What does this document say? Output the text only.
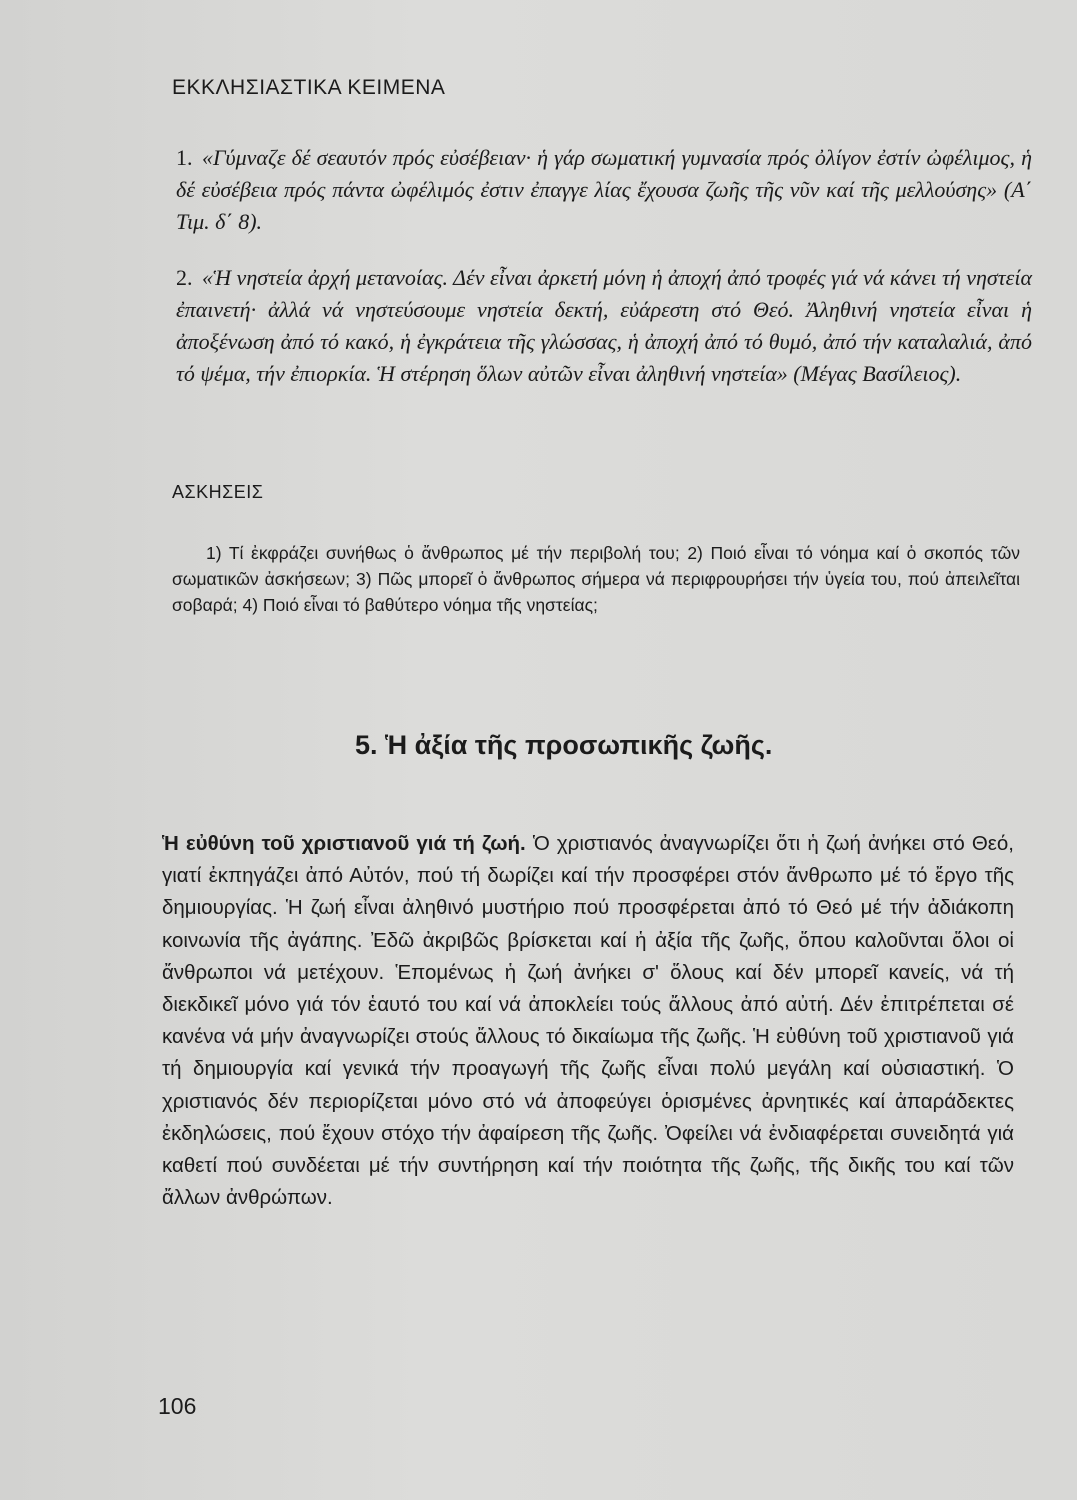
ΕΚΚΛΗΣΙΑΣΤΙΚΑ ΚΕΙΜΕΝΑ
1. «Γύμναζε δέ σεαυτόν πρός εὐσέβειαν· ἡ γάρ σωματική γυμνασία πρός ὀλίγον ἐστίν ὠφέλιμος, ἡ δέ εὐσέβεια πρός πάντα ὠφέλιμός ἐστιν ἐπαγγε λίας ἔχουσα ζωῆς τῆς νῦν καί τῆς μελλούσης» (Α΄ Τιμ. δ΄ 8).
2. «Ἡ νηστεία ἀρχή μετανοίας. Δέν εἶναι ἀρκετή μόνη ἡ ἀποχή ἀπό τροφές γιά νά κάνει τή νηστεία ἐπαινετή· ἀλλά νά νηστεύσουμε νηστεία δεκτή, εὐάρεστη στό Θεό. Ἀληθινή νηστεία εἶναι ἡ ἀποξένωση ἀπό τό κακό, ἡ ἐγκράτεια τῆς γλώσσας, ἡ ἀποχή ἀπό τό θυμό, ἀπό τήν καταλαλιά, ἀπό τό ψέμα, τήν ἐπιορκία. Ἡ στέρηση ὅλων αὐτῶν εἶναι ἀληθινή νηστεία» (Μέγας Βασίλειος).
ΑΣΚΗΣΕΙΣ
1) Τί ἐκφράζει συνήθως ὁ ἄνθρωπος μέ τήν περιβολή του; 2) Ποιό εἶναι τό νόημα καί ὁ σκοπός τῶν σωματικῶν ἀσκήσεων; 3) Πῶς μπορεῖ ὁ ἄνθρωπος σήμερα νά περιφρουρήσει τήν ὑγεία του, πού ἀπειλεῖται σοβαρά; 4) Ποιό εἶναι τό βαθύτερο νόημα τῆς νηστείας;
5. Ἡ ἀξία τῆς προσωπικῆς ζωῆς.
Ἡ εὐθύνη τοῦ χριστιανοῦ γιά τή ζωή. Ὁ χριστιανός ἀναγνωρίζει ὅτι ἡ ζωή ἀνήκει στό Θεό, γιατί ἐκπηγάζει ἀπό Αὐτόν, πού τή δωρίζει καί τήν προσφέρει στόν ἄνθρωπο μέ τό ἔργο τῆς δημιουργίας. Ἡ ζωή εἶναι ἀληθινό μυστήριο πού προσφέρεται ἀπό τό Θεό μέ τήν ἀδιάκοπη κοινωνία τῆς ἀγάπης. Ἐδῶ ἀκριβῶς βρίσκεται καί ἡ ἀξία τῆς ζωῆς, ὅπου καλοῦνται ὅλοι οἱ ἄνθρωποι νά μετέχουν. Ἑπομένως ἡ ζωή ἀνήκει σ' ὅλους καί δέν μπορεῖ κανείς, νά τή διεκδικεῖ μόνο γιά τόν ἑαυτό του καί νά ἀποκλείει τούς ἄλλους ἀπό αὐτή. Δέν ἐπιτρέπεται σέ κανένα νά μήν ἀναγνωρίζει στούς ἄλλους τό δικαίωμα τῆς ζωῆς. Ἡ εὐθύνη τοῦ χριστιανοῦ γιά τή δημιουργία καί γενικά τήν προαγωγή τῆς ζωῆς εἶναι πολύ μεγάλη καί οὐσιαστική. Ὁ χριστιανός δέν περιορίζεται μόνο στό νά ἀποφεύγει ὁρισμένες ἀρνητικές καί ἀπαράδεκτες ἐκδηλώσεις, πού ἔχουν στόχο τήν ἀφαίρεση τῆς ζωῆς. Ὀφείλει νά ἐνδιαφέρεται συνειδητά γιά καθετί πού συνδέεται μέ τήν συντήρηση καί τήν ποιότητα τῆς ζωῆς, τῆς δικῆς του καί τῶν ἄλλων ἀνθρώπων.
106
